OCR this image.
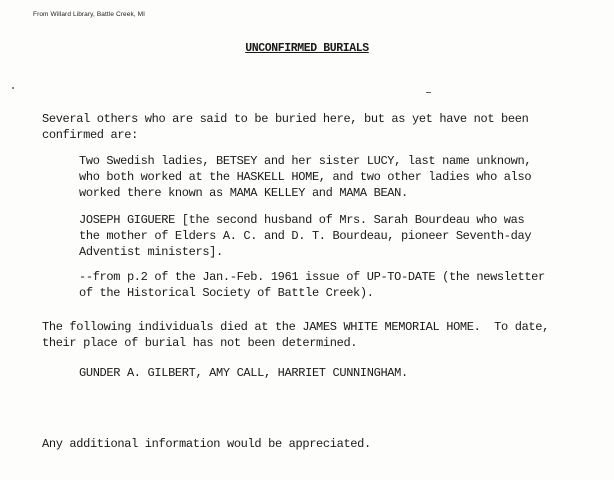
From Willard Library, Battle Creek, MI
UNCONFIRMED BURIALS
Several others who are said to be buried here, but as yet have not been
confirmed are:
Two Swedish ladies, BETSEY and her sister LUCY, last name unknown,
who both worked at the HASKELL HOME, and two other ladies who also
worked there known as MAMA KELLEY and MAMA BEAN.
JOSEPH GIGUERE [the second husband of Mrs. Sarah Bourdeau who was
the mother of Elders A. C. and D. T. Bourdeau, pioneer Seventh-day
Adventist ministers].
--from p.2 of the Jan.-Feb. 1961 issue of UP-TO-DATE (the newsletter
of the Historical Society of Battle Creek).
The following individuals died at the JAMES WHITE MEMORIAL HOME.  To date,
their place of burial has not been determined.
GUNDER A. GILBERT, AMY CALL, HARRIET CUNNINGHAM.
Any additional information would be appreciated.
